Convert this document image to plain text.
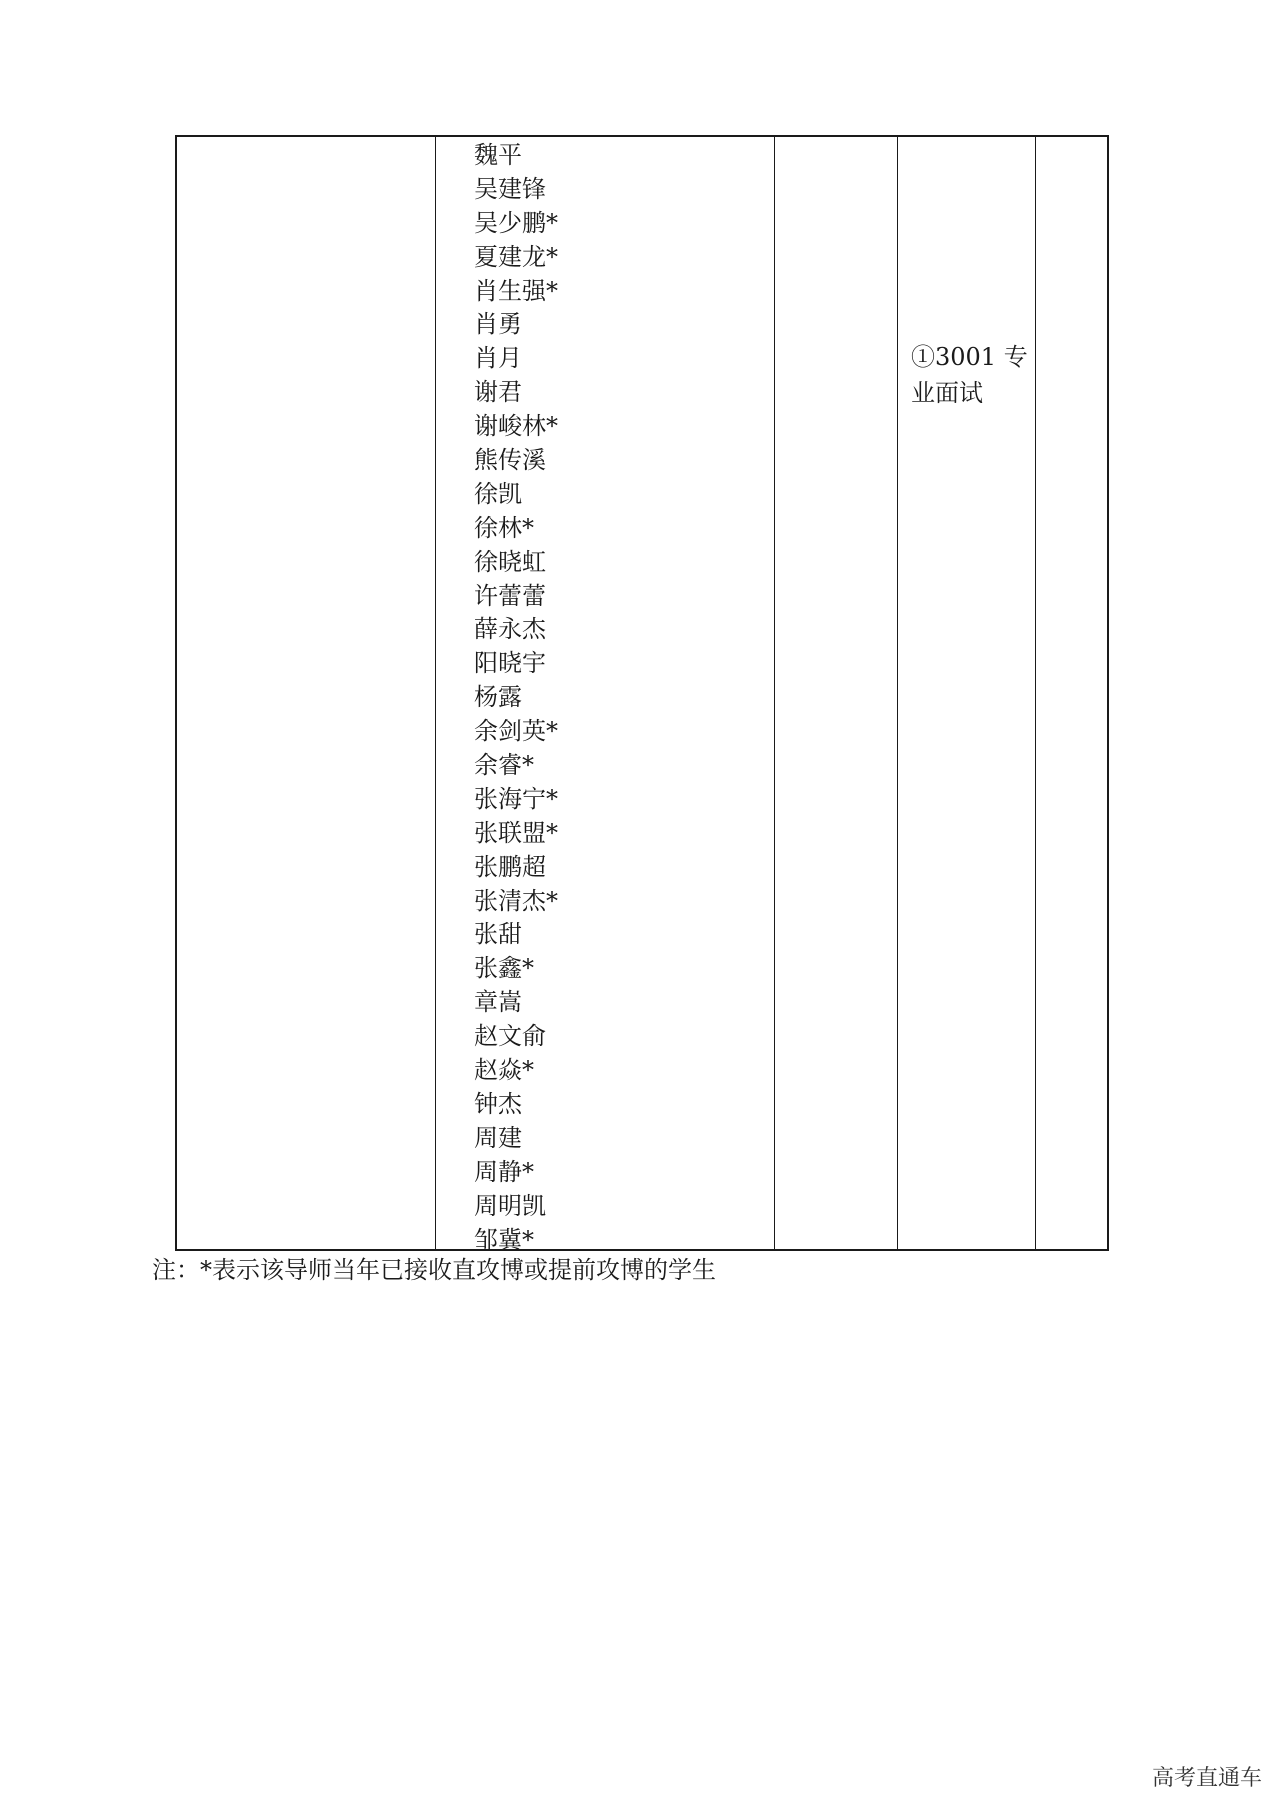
魏平
吴建锋
吴少鹏*
夏建龙*
肖生强*
肖勇
肖月
谢君
谢峻林*
熊传溪
徐凯
徐林*
徐晓虹
许蕾蕾
薛永杰
阳晓宇
杨露
余剑英*
余睿*
张海宁*
张联盟*
张鹏超
张清杰*
张甜
张鑫*
章嵩
赵文俞
赵焱*
钟杰
周建
周静*
周明凯
邹冀*
①3001 专
业面试
注：*表示该导师当年已接收直攻博或提前攻博的学生
高考直通车
